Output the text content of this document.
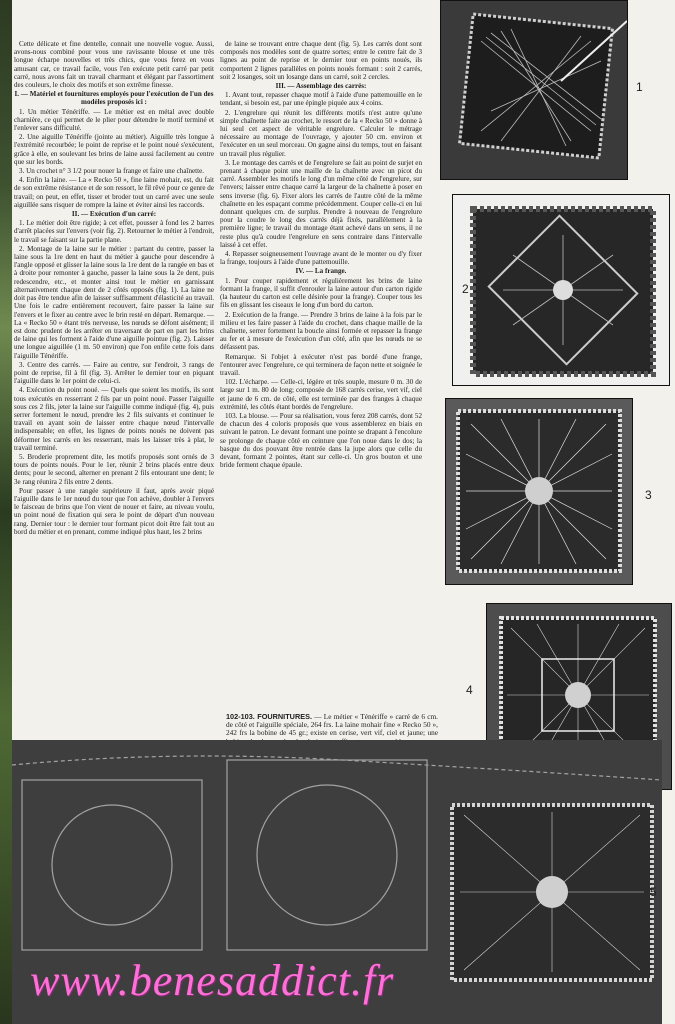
Cette délicate et fine dentelle, connait une nouvelle vogue. Aussi, avons-nous combiné pour vous une ravissante blouse et une très longue écharpe nouvelles et très chics, que vous ferez en vous amusant car, ce travail facile, vous l'en exécute petit carré par petit carré, nous avons fait un travail charmant et élégant par l'assortiment des couleurs, le choix des motifs et son extrême finesse.

I. — Matériel et fournitures employés pour l'exécution de l'un des modèles proposés ici :

1. Un métier Ténériffe. — Le métier est en métal avec double charnière, ce qui permet de le plier pour détendre le motif terminé et l'enlever sans difficulté.

2. Une aiguille Ténériffe (jointe au métier). Aiguille très longue à l'extrémité recourbée; le point de reprise et le point noué s'exécutent, grâce à elle, en soulevant les brins de laine aussi facilement au centre que sur les bords.

3. Un crochet n° 3 1/2 pour nouer la frange et faire une chaînette.

4. Enfin la laine. — La « Recko 50 », fine laine mohair, est, du fait de son extrême résistance et de son ressort, le fil rêvé pour ce genre de travail; on peut, en effet, tisser et broder tout un carré avec une seule aiguillée sans risquer de rompre la laine et éviter ainsi les raccords.

II. — Exécution d'un carré:

1. Le métier doit être rigide; à cet effet, pousser à fond les 2 barres d'arrêt placées sur l'envers (voir fig. 2). Retourner le métier à l'endroit, le travail se faisant sur la partie plane.

2. Montage de la laine sur le métier : partant du centre, passer la laine sous la 1re dent en haut du métier à gauche pour descendre à l'angle opposé et glisser la laine sous la 1re dent de la rangée en bas et à droite pour remonter à gauche, passer la laine sous la 2e dent, puis redescendre, etc., et monter ainsi tout le métier en garnissant alternativement chaque dent de 2 côtés opposés (fig. 1). La laine ne doit pas être tendue afin de laisser suffisamment d'élasticité au travail. Une fois le cadre entièrement recouvert, faire passer la laine sur l'envers et le fixer au centre avec le brin resté en départ. Remarque. — La « Recko 50 » étant très nerveuse, les nœuds se défont aisément; il est donc prudent de les arrêter en traversant de part en part les brins de laine qui les forment à l'aide d'une aiguille pointue (fig. 2). Laisser une longue aiguillée (1 m. 50 environ) que l'on enfile cette fois dans l'aiguille Ténériffe.

3. Centre des carrés. — Faire au centre, sur l'endroit, 3 rangs de point de reprise, fil à fil (fig. 3). Arrêter le dernier tour en piquant l'aiguille dans le 1er point de celui-ci.

4. Exécution du point noué. — Quels que soient les motifs, ils sont tous exécutés en resserrant 2 fils par un point noué. Passer l'aiguille sous ces 2 fils, jeter la laine sur l'aiguille comme indiqué (fig. 4), puis serrer fortement le nœud, prendre les 2 fils suivants et continuer le travail en ayant soin de laisser entre chaque nœud l'intervalle indispensable; en effet, les lignes de points noués ne doivent pas déformer les carrés en les resserrant, mais les laisser très à plat, le travail terminé.

5. Broderie proprement dite, les motifs proposés sont ornés de 3 tours de points noués. Pour le 1er, réunir 2 brins placés entre deux dents; pour le second, alterner en prenant 2 fils entourant une dent; le 3e rang réunira 2 fils entre 2 dents.

Pour passer à une rangée supérieure il faut, après avoir piqué l'aiguille dans le 1er nœud du tour que l'on achève, doubler à l'envers le faisceau de brins que l'on vient de nouer et faire, au niveau voulu, un point noué de fixation qui sera le point de départ d'un nouveau rang. Dernier tour : le dernier tour formant picot doit être fait tout au bord du métier et en prenant, comme indiqué plus haut, les 2 brins

de laine se trouvant entre chaque dent (fig. 5). Les carrés dont sont composés nos modèles sont de quatre sortes; entre le centre fait de 3 lignes au point de reprise et le dernier tour en points noués, ils comportent 2 lignes parallèles en points noués formant : soit 2 carrés, soit 2 losanges, soit un losange dans un carré, soit 2 cercles.

III. — Assemblage des carrés:

1. Avant tout, repasser chaque motif à l'aide d'une pattemouille en le tendant, si besoin est, par une épingle piquée aux 4 coins.

2. L'engrelure qui réunit les différents motifs n'est autre qu'une simple chaînette faite au crochet, le ressort de la « Recko 50 » donne à lui seul cet aspect de véritable engrelure. Calculer le métrage nécessaire au montage de l'ouvrage, y ajouter 50 cm. environ et l'exécuter en un seul morceau. On gagne ainsi du temps, tout en faisant un travail plus régulier.

3. Le montage des carrés et de l'engrelure se fait au point de surjet en prenant à chaque point une maille de la chaînette avec un picot du carré. Assembler les motifs le long d'un même côté de l'engrelure, sur l'envers; laisser entre chaque carré la largeur de la chaînette à poser en sens inverse (fig. 6). Fixer alors les carrés de l'autre côté de la même chaînette en les espaçant comme précédemment. Couper celle-ci en lui donnant quelques cm. de surplus. Prendre à nouveau de l'engrelure pour la coudre le long des carrés déjà fixés, parallèlement à la première ligne; le travail du montage étant achevé dans un sens, il ne reste plus qu'à coudre l'engrelure en sens contraire dans l'intervalle laissé à cet effet.

4. Repasser soigneusement l'ouvrage avant de le monter ou d'y fixer la frange, toujours à l'aide d'une pattemouille.

IV. — La frange.

1. Pour couper rapidement et régulièrement les brins de laine formant la frange, il suffit d'enrouler la laine autour d'un carton rigide (la hauteur du carton est celle désirée pour la frange). Couper tous les fils en glissant les ciseaux le long d'un bord du carton.

2. Exécution de la frange. — Prendre 3 brins de laine à la fois par le milieu et les faire passer à l'aide du crochet, dans chaque maille de la chaînette, serrer fortement la boucle ainsi formée et repasser la frange au fer et à mesure de l'exécution d'un côté, afin que les nœuds ne se défassent pas.

Remarque. Si l'objet à exécuter n'est pas bordé d'une frange, l'entourer avec l'engrelure, ce qui terminera de façon nette et soignée le travail.

102. L'écharpe. — Celle-ci, légère et très souple, mesure 0 m. 30 de large sur 1 m. 80 de long; composée de 168 carrés cerise, vert vif, ciel et jaune de 6 cm. de côté, elle est terminée par des franges à chaque extrémité, les côtés étant bordés de l'engrelure.

103. La blouse. — Pour sa réalisation, vous ferez 208 carrés, dont 52 de chacun des 4 coloris proposés que vous assemblerez en biais en suivant le patron. Le devant formant une pointe se drapant à l'encolure se prolonge de chaque côté en ceinture que l'on noue dans le dos; la basque du dos pouvant être rentrée dans la jupe alors que celle du devant, formant 2 pointes, étant sur celle-ci. Un gros bouton et une bride ferment chaque épaule.

102-103. FOURNITURES. — Le métier « Ténériffe » carré de 6 cm. de côté et l'aiguille spéciale, 264 frs. La laine mohair fine « Recko 50 », 242 frs la bobine de 45 gr.; existe en cerise, vert vif, ciel et jaune; une
1
2
3
4
5
www.benesaddict.fr
